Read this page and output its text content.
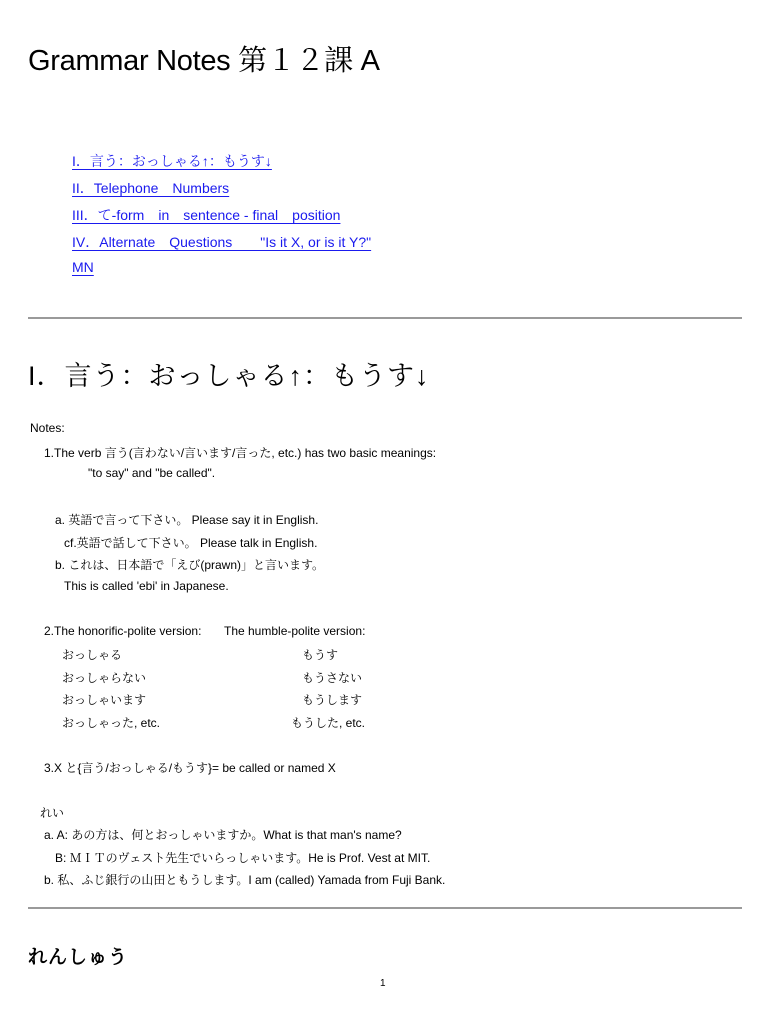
Grammar Notes 第１２課 A
I．言う：おっしゃる↑：もうす↓
II．Telephone　Numbers
III．て-form　in　sentence - final　position
IV．Alternate　Questions　　"Is it X, or is it Y?"
MN
I．言う：おっしゃる↑：もうす↓
Notes:
1.The verb 言う(言わない/言います/言った, etc.) has two basic meanings:
"to say" and "be called".
a. 英語で言って下さい。 Please say it in English.
cf.英語で話して下さい。 Please talk in English.
b. これは、日本語で「えび(prawn)」と言います。
This is called 'ebi' in Japanese.
2.The honorific-polite version: The humble-polite version:
おっしゃる
おっしゃらない
おっしゃいます
おっしゃった, etc.
もうす
もうさない
もうします
もうした, etc.
3.X と{言う/おっしゃる/もうす}= be called or named X
れい
a. A: あの方は、何とおっしゃいますか。What is that man's name?
B: ＭＩＴのヴェスト先生でいらっしゃいます。He is Prof. Vest at MIT.
b. 私、ふじ銀行の山田ともうします。I am (called) Yamada from Fuji Bank.
れんしゅう
1
